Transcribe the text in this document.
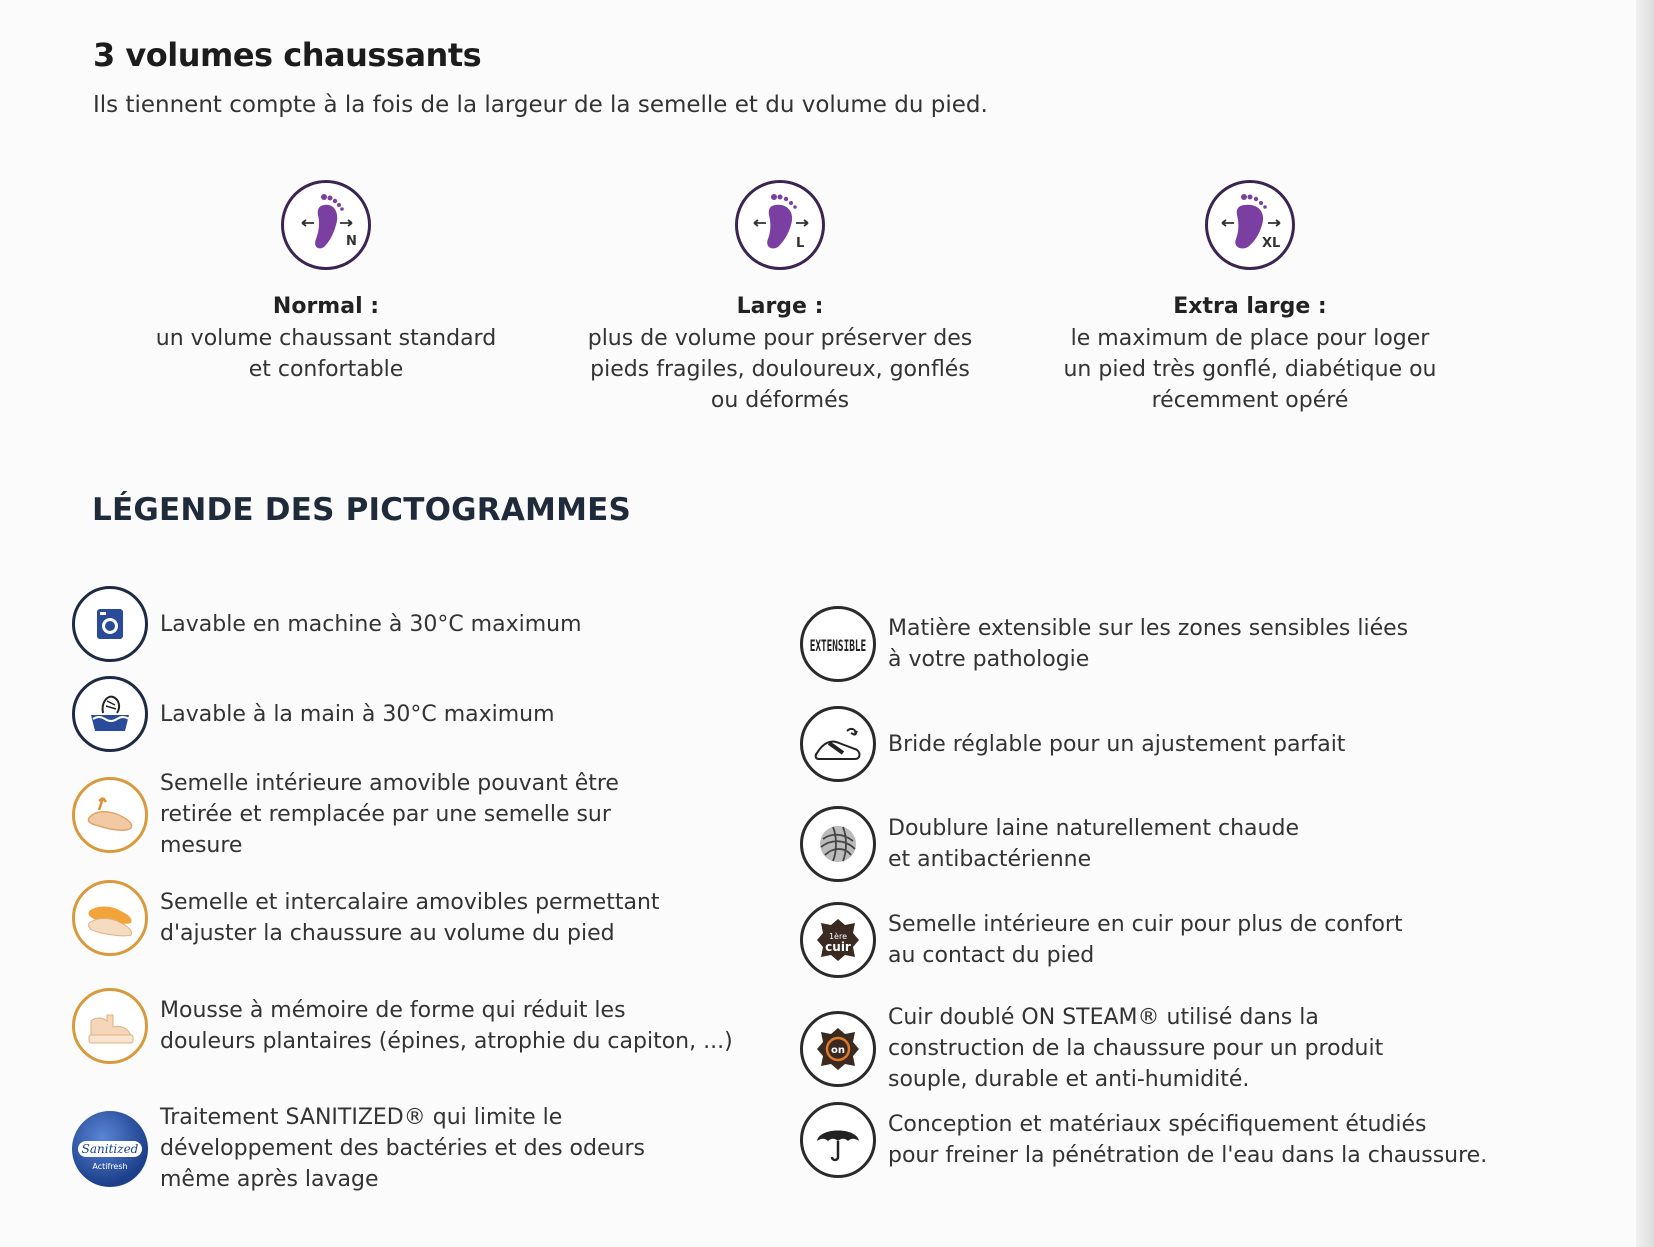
3 volumes chaussants

Ils tiennent compte à la fois de la largeur de la semelle et du volume du pied.

N
Normal :
un volume chaussant standard
et confortable
L
Large :
plus de volume pour préserver des
pieds fragiles, douloureux, gonflés
ou déformés
XL
Extra large :
le maximum de place pour loger
un pied très gonflé, diabétique ou
récemment opéré
LÉGENDE DES PICTOGRAMMES
Lavable en machine à 30°C maximum
Lavable à la main à 30°C maximum
Semelle intérieure amovible pouvant être
retirée et remplacée par une semelle sur
mesure
Semelle et intercalaire amovibles permettant
d'ajuster la chaussure au volume du pied
Mousse à mémoire de forme qui réduit les
douleurs plantaires (épines, atrophie du capiton, ...)
Sanitized
Actifresh
Traitement SANITIZED® qui limite le
développement des bactéries et des odeurs
même après lavage
EXTENSIBLE
Matière extensible sur les zones sensibles liées
à votre pathologie
Bride réglable pour un ajustement parfait
Doublure laine naturellement chaude
et antibactérienne
1ère
cuir
Semelle intérieure en cuir pour plus de confort
au contact du pied
on
Cuir doublé ON STEAM® utilisé dans la
construction de la chaussure pour un produit
souple, durable et anti-humidité.
Conception et matériaux spécifiquement étudiés
pour freiner la pénétration de l'eau dans la chaussure.
